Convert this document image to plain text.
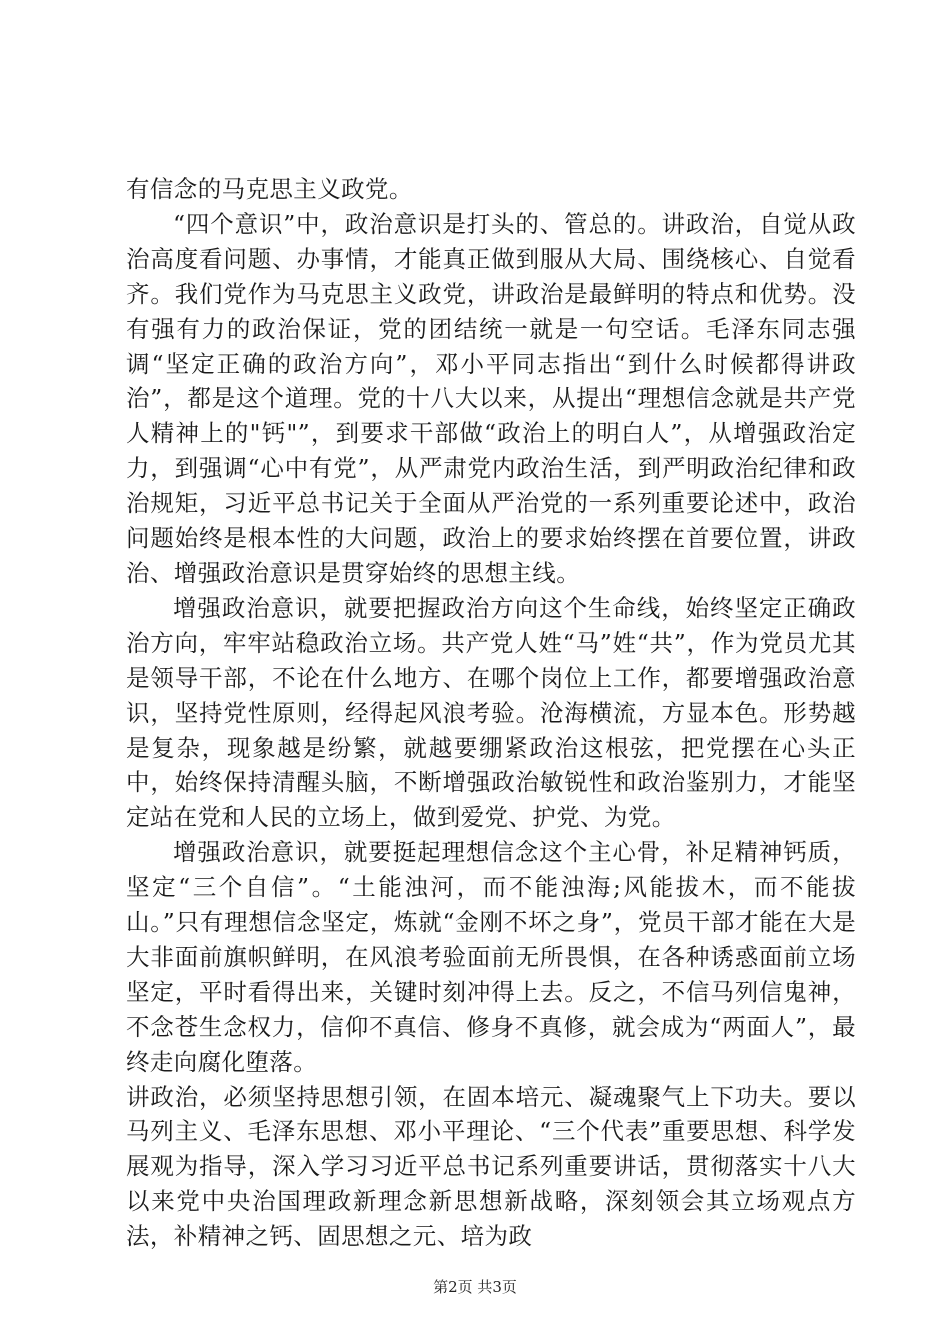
有信念的马克思主义政党。

“四个意识”中，政治意识是打头的、管总的。讲政治，自觉从政治高度看问题、办事情，才能真正做到服从大局、围绕核心、自觉看齐。我们党作为马克思主义政党，讲政治是最鲜明的特点和优势。没有强有力的政治保证，党的团结统一就是一句空话。毛泽东同志强调“坚定正确的政治方向”，邓小平同志指出“到什么时候都得讲政治”，都是这个道理。党的十八大以来，从提出“理想信念就是共产党人精神上的"钙"”，到要求干部做“政治上的明白人”，从增强政治定力，到强调“心中有党”，从严肃党内政治生活，到严明政治纪律和政治规矩，习近平总书记关于全面从严治党的一系列重要论述中，政治问题始终是根本性的大问题，政治上的要求始终摆在首要位置，讲政治、增强政治意识是贯穿始终的思想主线。

增强政治意识，就要把握政治方向这个生命线，始终坚定正确政治方向，牢牢站稳政治立场。共产党人姓“马”姓“共”，作为党员尤其是领导干部，不论在什么地方、在哪个岗位上工作，都要增强政治意识，坚持党性原则，经得起风浪考验。沧海横流，方显本色。形势越是复杂，现象越是纷繁，就越要绷紧政治这根弦，把党摆在心头正中，始终保持清醒头脑，不断增强政治敏锐性和政治鉴别力，才能坚定站在党和人民的立场上，做到爱党、护党、为党。

增强政治意识，就要挺起理想信念这个主心骨，补足精神钙质，坚定“三个自信”。“土能浊河，而不能浊海;风能拔木，而不能拔山。”只有理想信念坚定，炼就“金刚不坏之身”，党员干部才能在大是大非面前旗帜鲜明，在风浪考验面前无所畏惧，在各种诱惑面前立场坚定，平时看得出来，关键时刻冲得上去。反之，不信马列信鬼神，不念苍生念权力，信仰不真信、修身不真修，就会成为“两面人”，最终走向腐化堕落。

讲政治，必须坚持思想引领，在固本培元、凝魂聚气上下功夫。要以马列主义、毛泽东思想、邓小平理论、“三个代表”重要思想、科学发展观为指导，深入学习习近平总书记系列重要讲话，贯彻落实十八大以来党中央治国理政新理念新思想新战略，深刻领会其立场观点方法，补精神之钙、固思想之元、培为政

第2页 共3页
